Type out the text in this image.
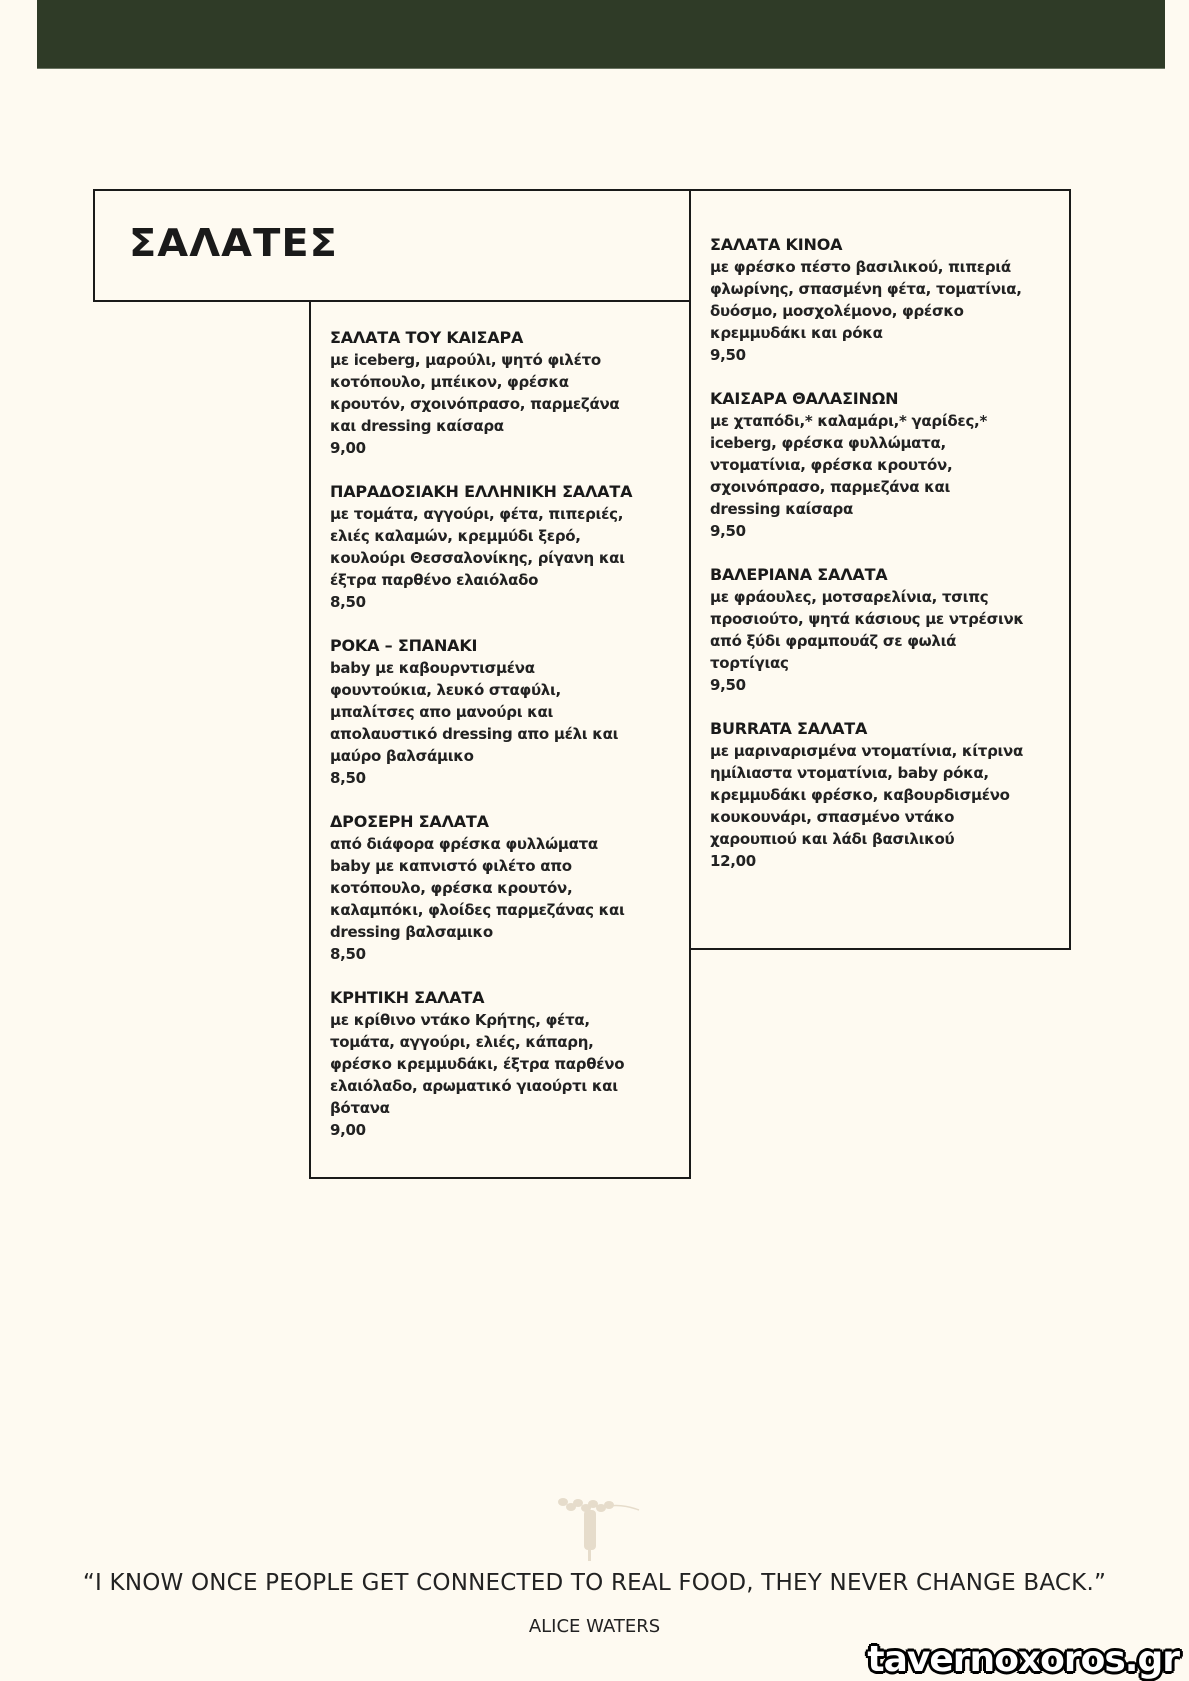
ΣΑΛΑΤΕΣ
ΣΑΛΑΤΑ ΤΟΥ ΚΑΙΣΑΡΑ
με iceberg, μαρούλι, ψητό φιλέτο
κοτόπουλο, μπέικον, φρέσκα
κρουτόν, σχοινόπρασο, παρμεζάνα
και dressing καίσαρα
9,00
ΠΑΡΑΔΟΣΙΑΚΗ ΕΛΛΗΝΙΚΗ ΣΑΛΑΤΑ
με τομάτα, αγγούρι, φέτα, πιπεριές,
ελιές καλαμών, κρεμμύδι ξερό,
κουλούρι Θεσσαλονίκης, ρίγανη και
έξτρα παρθένο ελαιόλαδο
8,50
ΡΟΚΑ – ΣΠΑΝΑΚΙ
baby με καβουρντισμένα
φουντούκια, λευκό σταφύλι,
μπαλίτσες απο μανούρι και
απολαυστικό dressing απο μέλι και
μαύρο βαλσάμικο
8,50
ΔΡΟΣΕΡΗ ΣΑΛΑΤΑ
από διάφορα φρέσκα φυλλώματα
baby με καπνιστό φιλέτο απο
κοτόπουλο, φρέσκα κρουτόν,
καλαμπόκι, φλοίδες παρμεζάνας και
dressing βαλσαμικο
8,50
ΚΡΗΤΙΚΗ ΣΑΛΑΤΑ
με κρίθινο ντάκο Κρήτης, φέτα,
τομάτα, αγγούρι, ελιές, κάπαρη,
φρέσκο κρεμμυδάκι, έξτρα παρθένο
ελαιόλαδο, αρωματικό γιαούρτι και
βότανα
9,00
ΣΑΛΑΤΑ ΚΙΝΟΑ
με φρέσκο πέστο βασιλικού, πιπεριά
φλωρίνης, σπασμένη φέτα, τοματίνια,
δυόσμο, μοσχολέμονο, φρέσκο
κρεμμυδάκι και ρόκα
9,50
ΚΑΙΣΑΡΑ ΘΑΛΑΣΙΝΩΝ
με χταπόδι,* καλαμάρι,* γαρίδες,*
iceberg, φρέσκα φυλλώματα,
ντοματίνια, φρέσκα κρουτόν,
σχοινόπρασο, παρμεζάνα και
dressing καίσαρα
9,50
ΒΑΛΕΡΙΑΝΑ ΣΑΛΑΤΑ
με φράουλες, μοτσαρελίνια, τσιπς
προσιούτο, ψητά κάσιους με ντρέσινκ
από ξύδι φραμπουάζ σε φωλιά
τορτίγιας
9,50
BURRATA ΣΑΛΑΤΑ
με μαριναρισμένα ντοματίνια, κίτρινα
ημίλιαστα ντοματίνια, baby ρόκα,
κρεμμυδάκι φρέσκο, καβουρδισμένο
κουκουνάρι, σπασμένο ντάκο
χαρουπιού και λάδι βασιλικού
12,00
“I KNOW ONCE PEOPLE GET CONNECTED TO REAL FOOD, THEY NEVER CHANGE BACK.”
ALICE WATERS
tavernoxoros.gr
